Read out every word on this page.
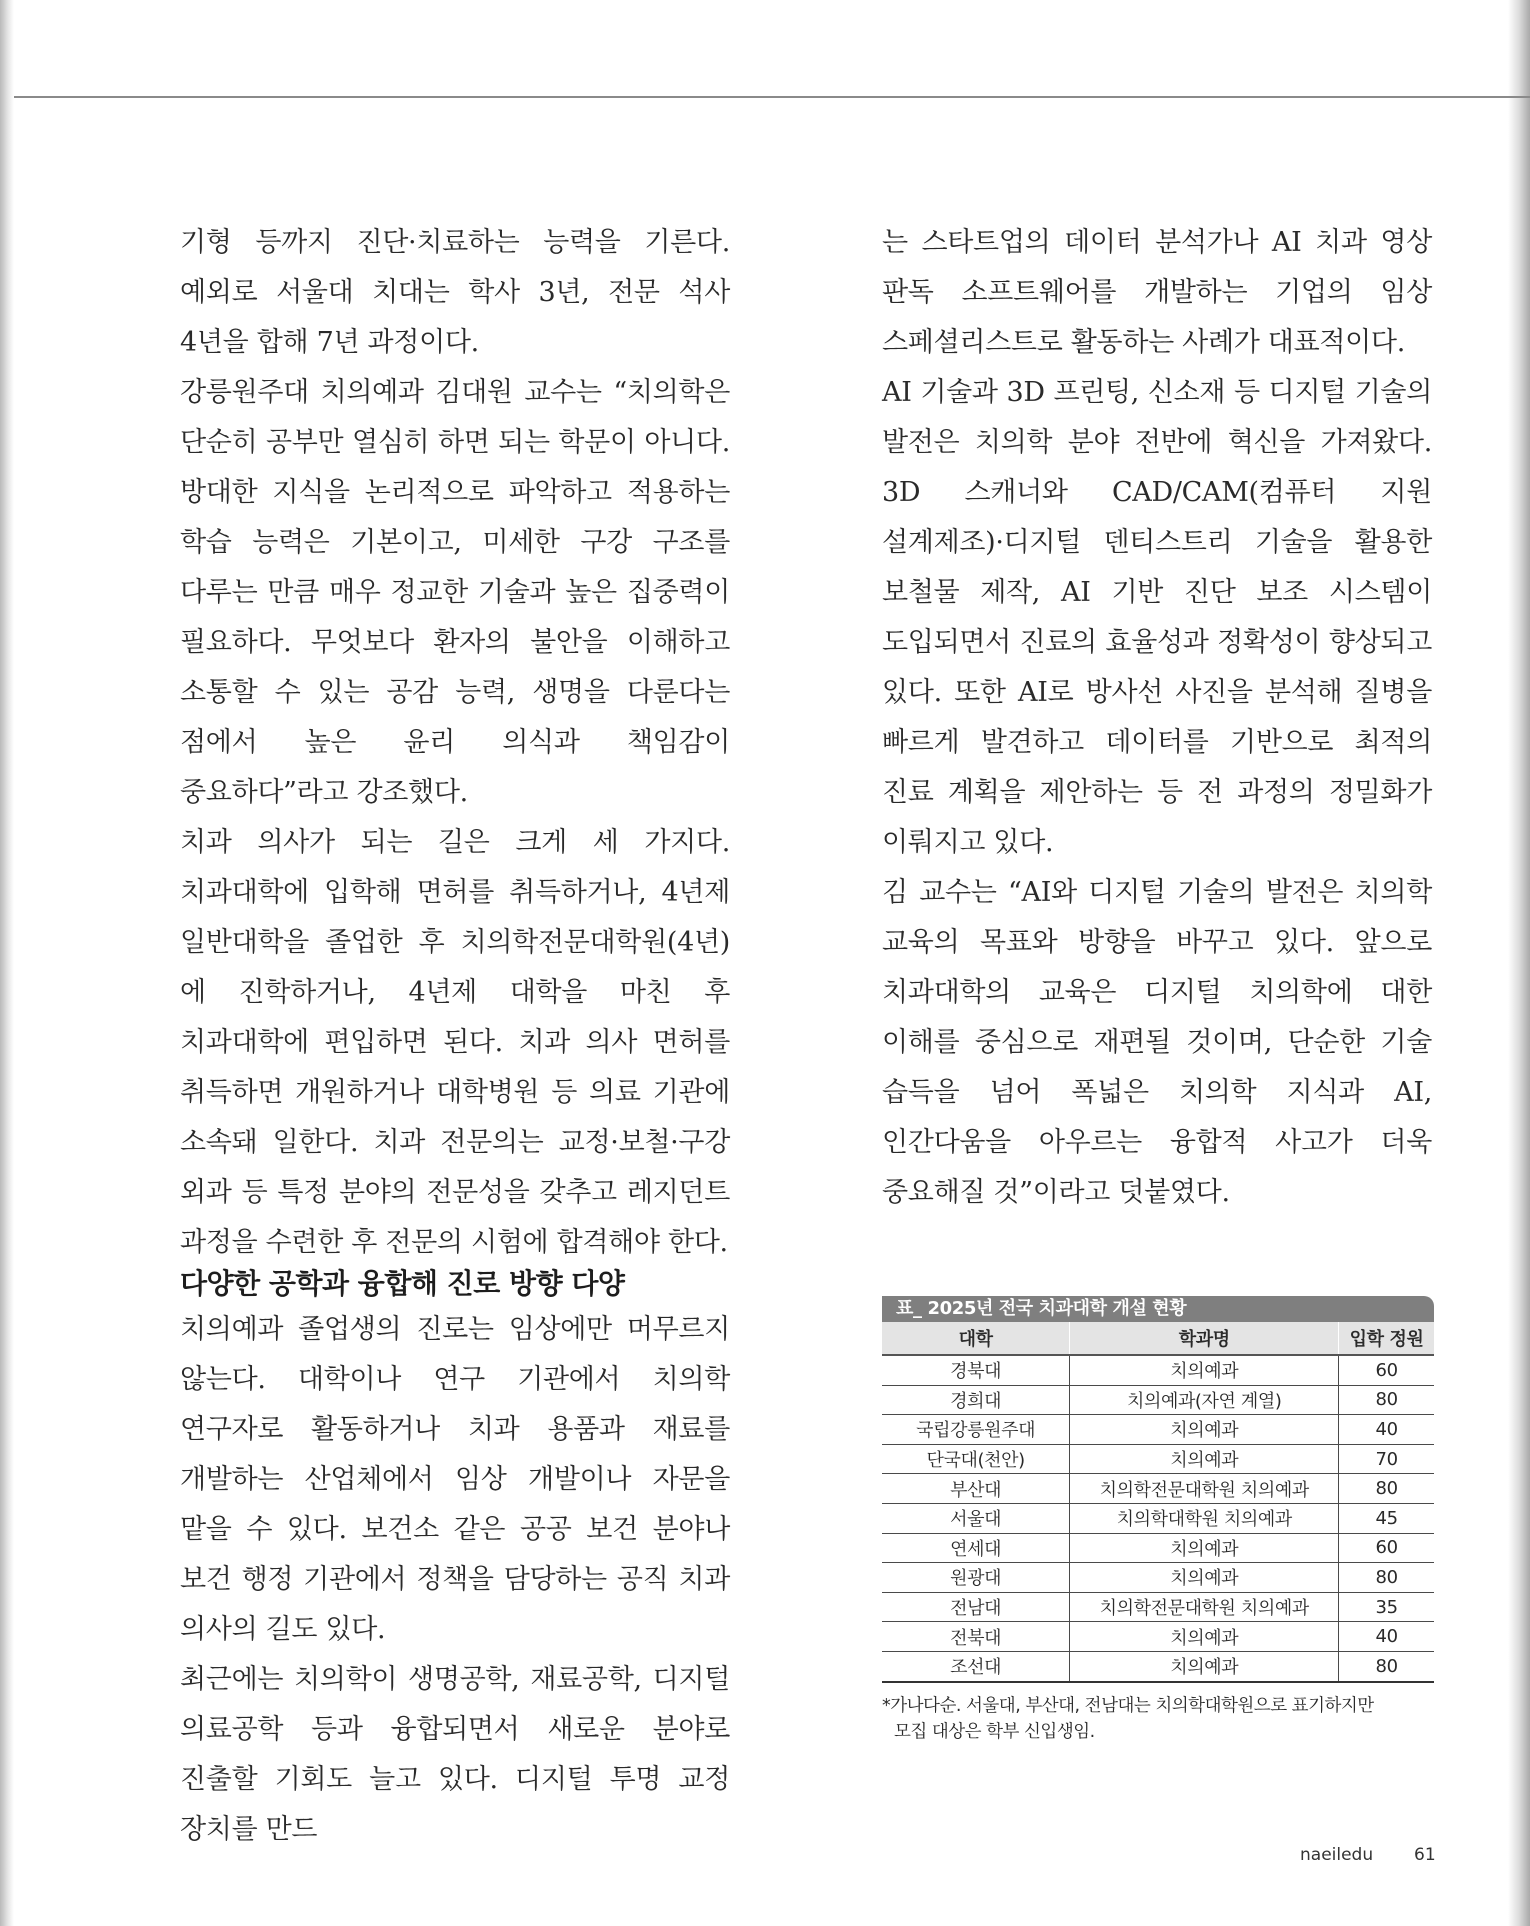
기형 등까지 진단·치료하는 능력을 기른다. 예외로 서울대 치대는 학사 3년, 전문 석사 4년을 합해 7년 과정이다.

강릉원주대 치의예과 김대원 교수는 “치의학은 단순히 공부만 열심히 하면 되는 학문이 아니다. 방대한 지식을 논리적으로 파악하고 적용하는 학습 능력은 기본이고, 미세한 구강 구조를 다루는 만큼 매우 정교한 기술과 높은 집중력이 필요하다. 무엇보다 환자의 불안을 이해하고 소통할 수 있는 공감 능력, 생명을 다룬다는 점에서 높은 윤리 의식과 책임감이 중요하다”라고 강조했다.

치과 의사가 되는 길은 크게 세 가지다. 치과대학에 입학해 면허를 취득하거나, 4년제 일반대학을 졸업한 후 치의학전문대학원(4년)에 진학하거나, 4년제 대학을 마친 후 치과대학에 편입하면 된다. 치과 의사 면허를 취득하면 개원하거나 대학병원 등 의료 기관에 소속돼 일한다. 치과 전문의는 교정·보철·구강 외과 등 특정 분야의 전문성을 갖추고 레지던트 과정을 수련한 후 전문의 시험에 합격해야 한다.

다양한 공학과 융합해 진로 방향 다양

치의예과 졸업생의 진로는 임상에만 머무르지 않는다. 대학이나 연구 기관에서 치의학 연구자로 활동하거나 치과 용품과 재료를 개발하는 산업체에서 임상 개발이나 자문을 맡을 수 있다. 보건소 같은 공공 보건 분야나 보건 행정 기관에서 정책을 담당하는 공직 치과 의사의 길도 있다.

최근에는 치의학이 생명공학, 재료공학, 디지털 의료공학 등과 융합되면서 새로운 분야로 진출할 기회도 늘고 있다. 디지털 투명 교정 장치를 만드

는 스타트업의 데이터 분석가나 AI 치과 영상 판독 소프트웨어를 개발하는 기업의 임상 스페셜리스트로 활동하는 사례가 대표적이다.

AI 기술과 3D 프린팅, 신소재 등 디지털 기술의 발전은 치의학 분야 전반에 혁신을 가져왔다. 3D 스캐너와 CAD/CAM(컴퓨터 지원 설계제조)·디지털 덴티스트리 기술을 활용한 보철물 제작, AI 기반 진단 보조 시스템이 도입되면서 진료의 효율성과 정확성이 향상되고 있다. 또한 AI로 방사선 사진을 분석해 질병을 빠르게 발견하고 데이터를 기반으로 최적의 진료 계획을 제안하는 등 전 과정의 정밀화가 이뤄지고 있다.

김 교수는 “AI와 디지털 기술의 발전은 치의학 교육의 목표와 방향을 바꾸고 있다. 앞으로 치과대학의 교육은 디지털 치의학에 대한 이해를 중심으로 재편될 것이며, 단순한 기술 습득을 넘어 폭넓은 치의학 지식과 AI, 인간다움을 아우르는 융합적 사고가 더욱 중요해질 것”이라고 덧붙였다.

표_ 2025년 전국 치과대학 개설 현황
대학	학과명	입학 정원
경북대	치의예과	60
경희대	치의예과(자연 계열)	80
국립강릉원주대	치의예과	40
단국대(천안)	치의예과	70
부산대	치의학전문대학원 치의예과	80
서울대	치의학대학원 치의예과	45
연세대	치의예과	60
원광대	치의예과	80
전남대	치의학전문대학원 치의예과	35
전북대	치의예과	40
조선대	치의예과	80
*가나다순. 서울대, 부산대, 전남대는 치의학대학원으로 표기하지만
모집 대상은 학부 신입생임.
naeiledu 61
